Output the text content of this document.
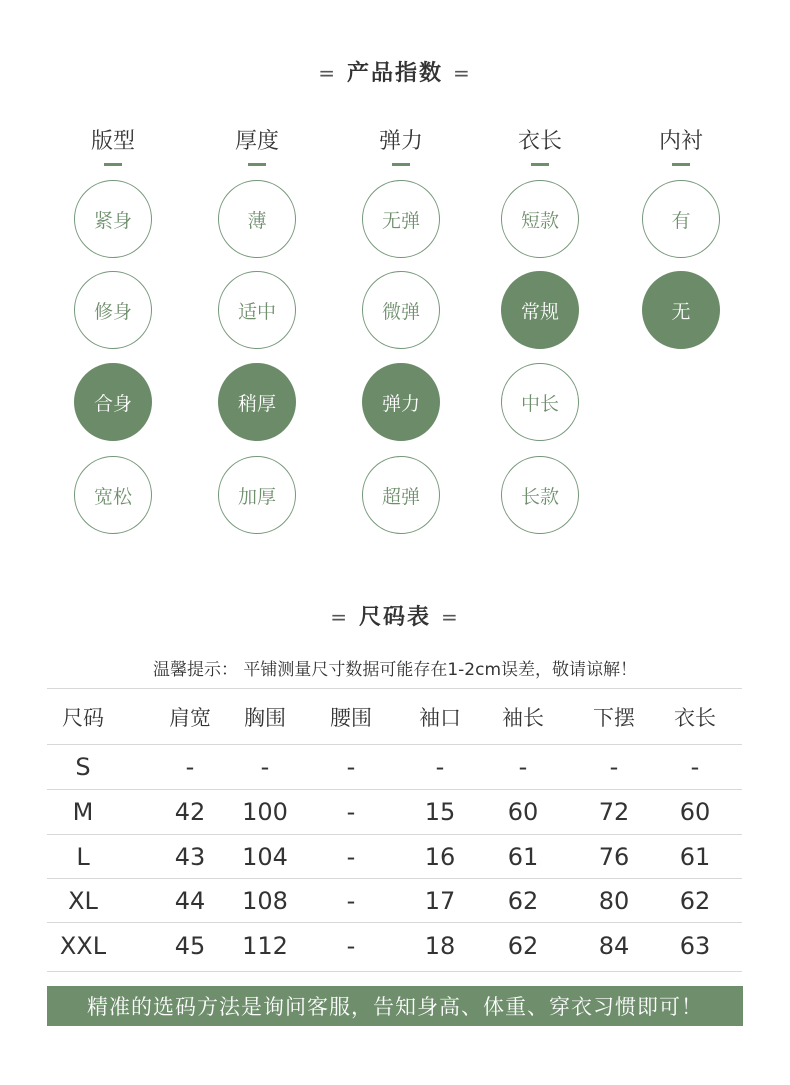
= 产品指数 =
版型
紧身
修身
合身
宽松
厚度
薄
适中
稍厚
加厚
弹力
无弹
微弹
弹力
超弹
衣长
短款
常规
中长
长款
内衬
有
无
= 尺码表 =
温馨提示： 平铺测量尺寸数据可能存在1-2cm误差，敬请谅解！
尺码	肩宽	胸围	腰围	袖口	袖长	下摆	衣长
S	-	-	-	-	-	-	-
M	42	100	-	15	60	72	60
L	43	104	-	16	61	76	61
XL	44	108	-	17	62	80	62
XXL	45	112	-	18	62	84	63
精准的选码方法是询问客服，告知身高、体重、穿衣习惯即可！
